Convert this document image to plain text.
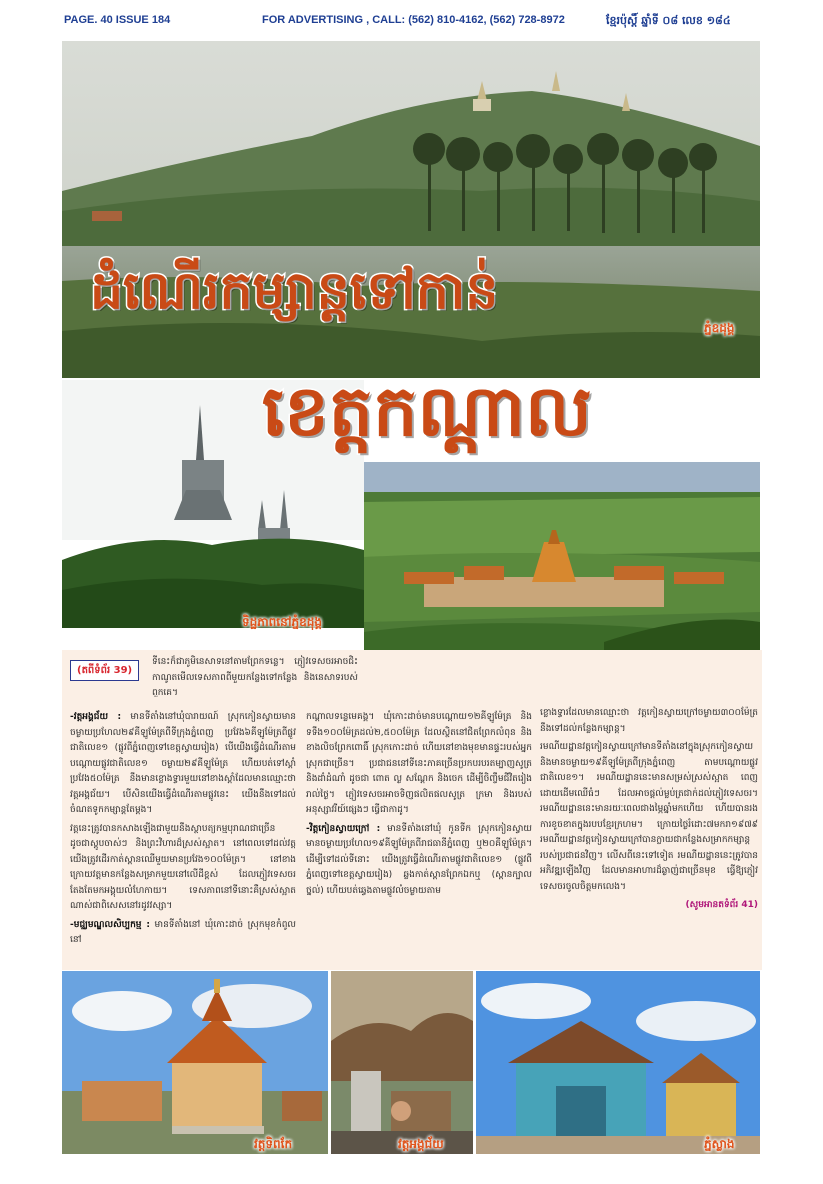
PAGE. 40 ISSUE 184	FOR ADVERTISING , CALL: (562) 810-4162, (562) 728-8972	ខ្មែរប៉ុស្តិ៍ ឆ្នាំទី ០៨ លេខ ១៨៤
ដំណើរកម្សាន្តទៅកាន់
ខេត្តកណ្ដាល
ភ្នំឧដុង្គ
ទិដ្ឋភាពនៅភ្នំឧដុង្គ
(តពីទំព័រ 39)

ទីនេះក៏ជាភូមិនេសាទនៅតាមព្រែកទន្លេ។ ភ្ញៀវទេសចរអាចជិះកាណូតមើលទេសភាពពីមួយកន្លែងទៅកន្លែង និងនេសាទរបស់ពួកគេ។

-វត្តអង្គជ័យ : មានទីតាំងនៅឃុំបារាយណ៍ ស្រុកកៀនស្វាយមានចម្ងាយប្រហែល២៩គីឡូម៉ែត្រពីទីក្រុងភ្នំពេញ ប្រវែង៦គីឡូម៉ែត្រពីផ្លូវជាតិលេខ១ (ផ្លូវពីភ្នំពេញទៅខេត្តស្វាយរៀង) បើយើងធ្វើដំណើរតាមបណ្ដោយផ្លូវជាតិលេខ១ ចម្ងាយ២៩គីឡូម៉ែត្រ ហើយបត់ទៅស្ដាំប្រវែង៥០ម៉ែត្រ នឹងមានខ្លោងទ្វារមួយនៅខាងស្ដាំដែលមានឈ្មោះថា វត្តអង្គជ័យ។ បើសិនយើងធ្វើដំណើរតាមផ្លូវនេះ យើងនឹងទៅដល់ចំណតទូកកម្សាន្តតែម្ដង។

វត្តនេះត្រូវបានកសាងឡើងជាមួយនឹងស្ថាបត្យកម្មបុរាណជាច្រើន ដូចជាស្តូបចាស់ៗ និងព្រះវិហារដ៏ស្រស់ស្អាត។ នៅពេលទៅដល់វត្ត យើងត្រូវដើរកាត់ស្ពានឈើមួយមានប្រវែង១០០ម៉ែត្រ។ នៅខាងក្រោយវត្តមានកន្លែងសម្រាកមួយនៅលើដីខ្ពស់ ដែលភ្ញៀវទេសចរតែងតែមកអង្គុយលំហែកាយ។ ទេសភាពនៅទីនោះគឺស្រស់ស្អាតណាស់ជាពិសេសនៅរដូវវស្សា។

-មជ្ឈមណ្ឌលសិប្បកម្ម : មានទីតាំងនៅ ឃុំកោះដាច់ ស្រុកមុខកំពូល នៅ

កណ្ដាលទន្លេមេគង្គ។ ឃុំកោះដាច់មានបណ្ដោយ១២គីឡូម៉ែត្រ និងទទឹង១០០ម៉ែត្រដល់២,៥០០ម៉ែត្រ ដែលស្ថិតនៅជិតព្រែកលំពុន និងខាងលិចព្រែកពោធិ៍ ស្រុកកោះដាច់ ហើយនៅខាងមុខមានផ្ទះរបស់អ្នកស្រុកជាច្រើន។ ប្រជាជននៅទីនេះភាគច្រើនប្រកបរបរតម្បាញសូត្រ និងដាំដំណាំ ដូចជា ពោត ល្ង សណ្ដែក និងចេក ដើម្បីចិញ្ចឹមជីវិតរៀងរាល់ថ្ងៃ។ ភ្ញៀវទេសចរអាចទិញផលិតផលសូត្រ ក្រមា និងរបស់អនុស្សាវរីយ៍ផ្សេងៗ ធ្វើជាកាដូ។

-វិត្តកៀនស្វាយក្រៅ : មានទីតាំងនៅឃុំ កូនទីក ស្រុកកៀនស្វាយ មានចម្ងាយប្រហែល១៩គីឡូម៉ែត្រពីរាជធានីភ្នំពេញ ឬ២០គីឡូម៉ែត្រ។ ដើម្បីទៅដល់ទីនោះ យើងត្រូវធ្វើដំណើរតាមផ្លូវជាតិលេខ១ (ផ្លូវពីភ្នំពេញទៅខេត្តស្វាយរៀង) ឆ្លងកាត់ស្ពានព្រែកឯកឬ (ស្ពានក្បាលថ្នល់) ហើយបត់ឆ្វេងតាមផ្លូវលំចម្ងាយតាម

ខ្លោងទ្វារដែលមានឈ្មោះថា វត្តកៀនស្វាយក្រៅចម្ងាយ៣០០ម៉ែត្រ នឹងទៅដល់កន្លែងកម្សាន្ត។

រមណីយដ្ឋានវត្តកៀនស្វាយក្រៅមានទីតាំងនៅក្នុងស្រុកកៀនស្វាយ និងមានចម្ងាយ១៩គីឡូម៉ែត្រពីក្រុងភ្នំពេញ តាមបណ្ដោយផ្លូវជាតិលេខ១។ រមណីយដ្ឋាននេះមានសម្រស់ស្រស់ស្អាត ពេញដោយដើមឈើធំៗ ដែលអាចផ្ដល់ម្លប់ត្រជាក់ដល់ភ្ញៀវទេសចរ។ រមណីយដ្ឋាននេះមានរយៈពេលជាងម្ភៃឆ្នាំមកហើយ ហើយបានរងការខូចខាតក្នុងរបបខ្មែរក្រហម។ ក្រោយថ្ងៃរំដោះ៧មករា១៩៧៩ រមណីយដ្ឋានវត្តកៀនស្វាយក្រៅបានក្លាយជាកន្លែងសម្រាកកម្សាន្តរបស់ប្រជាជនវិញ។ លើសពីនេះទៅទៀត រមណីយដ្ឋាននេះត្រូវបានអភិវឌ្ឍឡើងវិញ ដែលមានអាហារដ៏ឆ្ងាញ់ជាច្រើនមុខ ធ្វើឱ្យភ្ញៀវទេសចរចូលចិត្តមកលេង។

(សូមអានតទំព័រ 41)

វត្តទិពកែ	វត្តអង្គជ័យ	ភ្នំស្លាង
